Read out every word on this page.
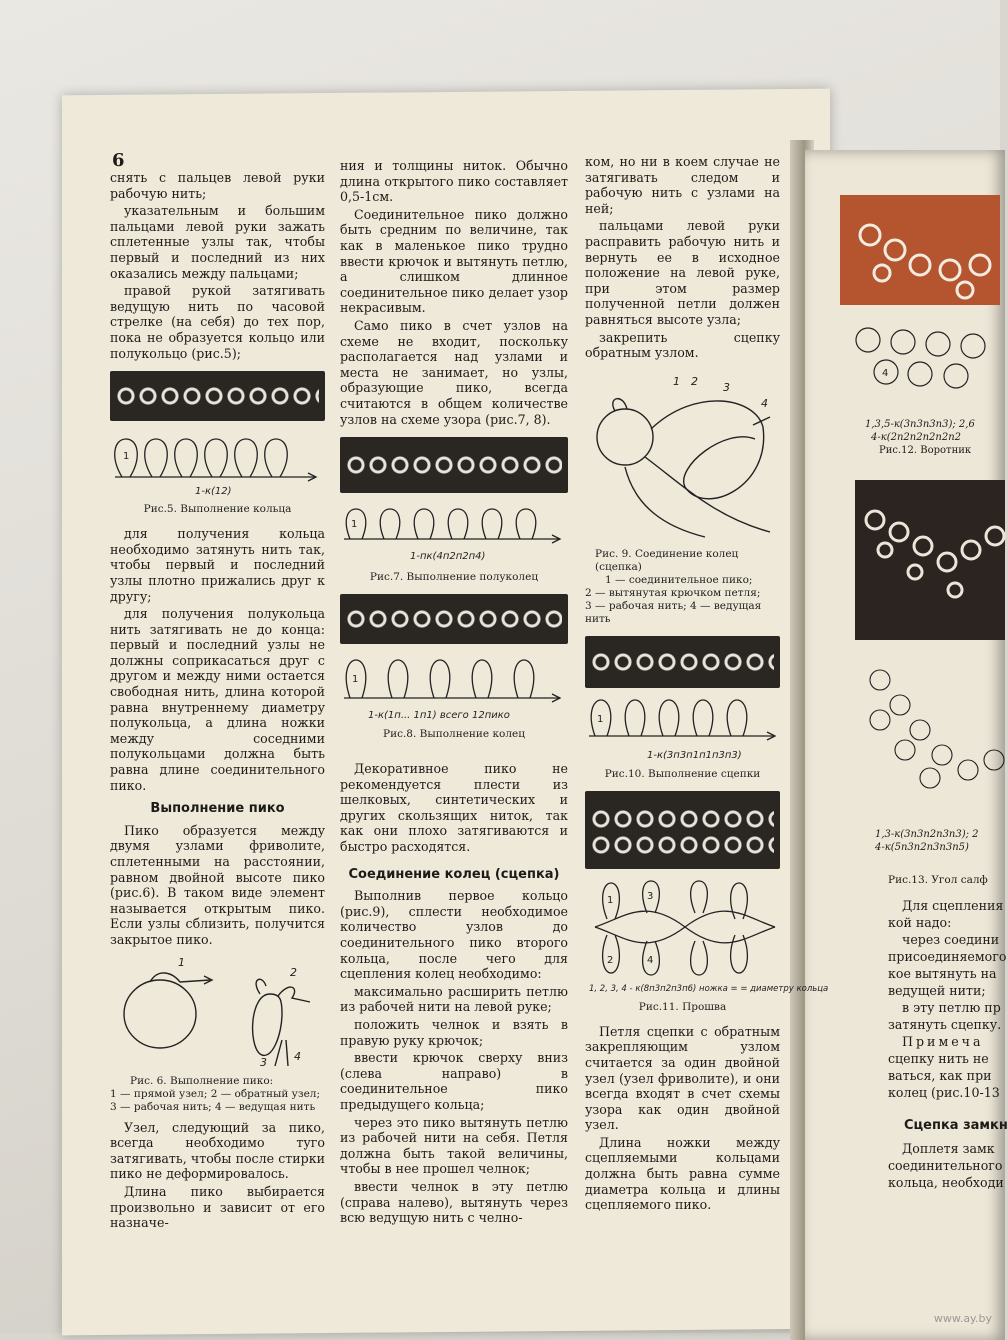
6

снять с пальцев левой руки рабочую нить;

указательным и большим пальцами левой руки зажать сплетенные узлы так, чтобы первый и последний из них оказались между пальцами;

правой рукой затягивать ведущую нить по часовой стрелке (на себя) до тех пор, пока не образуется кольцо или полукольцо (рис.5);

1
1-к(12)
Рис.5. Выполнение кольца

для получения кольца необходимо затянуть нить так, чтобы первый и последний узлы плотно прижались друг к другу;

для получения полукольца нить затягивать не до конца: первый и последний узлы не должны соприкасаться друг с другом и между ними остается свободная нить, длина которой равна внутреннему диаметру полукольца, а длина ножки между соседними полукольцами должна быть равна длине соединительного пико.

Выполнение пико

Пико образуется между двумя узлами фриволите, сплетенными на расстоянии, равном двойной высоте пико (рис.6). В таком виде элемент называется открытым пико. Если узлы сблизить, получится закрытое пико.

1
2
3 4
Рис. 6. Выполнение пико:
1 — прямой узел; 2 — обратный узел;
3 — рабочая нить; 4 — ведущая нить

Узел, следующий за пико, всегда необходимо туго затягивать, чтобы после стирки пико не деформировалось.

Длина пико выбирается произвольно и зависит от его назначе-

ния и толщины ниток. Обычно длина открытого пико составляет 0,5-1см.

Соединительное пико должно быть средним по величине, так как в маленькое пико трудно ввести крючок и вытянуть петлю, а слишком длинное соединительное пико делает узор некрасивым.

Само пико в счет узлов на схеме не входит, поскольку располагается над узлами и места не занимает, но узлы, образующие пико, всегда считаются в общем количестве узлов на схеме узора (рис.7, 8).

1
1-пк(4п2п2п4)
Рис.7. Выполнение полуколец
1
1-к(1п... 1п1) всего 12пико
Рис.8. Выполнение колец

Декоративное пико не рекомендуется плести из шелковых, синтетических и других скользящих ниток, так как они плохо затягиваются и быстро расходятся.

Соединение колец (сцепка)

Выполнив первое кольцо (рис.9), сплести необходимое количество узлов до соединительного пико второго кольца, после чего для сцепления колец необходимо:

максимально расширить петлю из рабочей нити на левой руке;

положить челнок и взять в правую руку крючок;

ввести крючок сверху вниз (слева направо) в соединительное пико предыдущего кольца;

через это пико вытянуть петлю из рабочей нити на себя. Петля должна быть такой величины, чтобы в нее прошел челнок;

ввести челнок в эту петлю (справа налево), вытянуть через всю ведущую нить с челно-

ком, но ни в коем случае не затягивать следом и рабочую нить с узлами на ней;

пальцами левой руки расправить рабочую нить и вернуть ее в исходное положение на левой руке, при этом размер полученной петли должен равняться высоте узла;

закрепить сцепку обратным узлом.

1 2 3
4
Рис. 9. Соединение колец (сцепка)
1 — соединительное пико;
2 — вытянутая крючком петля;
3 — рабочая нить; 4 — ведущая нить
1
1-к(3п3п1п1п3п3)
Рис.10. Выполнение сцепки
1	3
2	4
1, 2, 3, 4 - к(8п3п2п3п6) ножка = = диаметру кольца
Рис.11. Прошва

Петля сцепки с обратным закрепляющим узлом считается за один двойной узел (узел фриволите), и они всегда входят в счет схемы узора как один двойной узел.

Длина ножки между сцепляемыми кольцами должна быть равна сумме диаметра кольца и длины сцепляемого пико.

4
1,3,5-к(3п3п3п3); 2,6
4-к(2п2п2п2п2п2
Рис.12. Воротник
1,3-к(3п3п2п3п3); 2
4-к(5п3п2п3п3п5)
Рис.13. Угол салф
Для сцепления
кой надо:
через соедини
присоединяемого
кое вытянуть на
ведущей нити;
в эту петлю пр
затянуть сцепку.
Примеча
сцепку нить не
ваться, как при
колец (рис.10-13
Сцепка замкн
Доплетя замк
соединительного
кольца, необходи
www.ay.by
